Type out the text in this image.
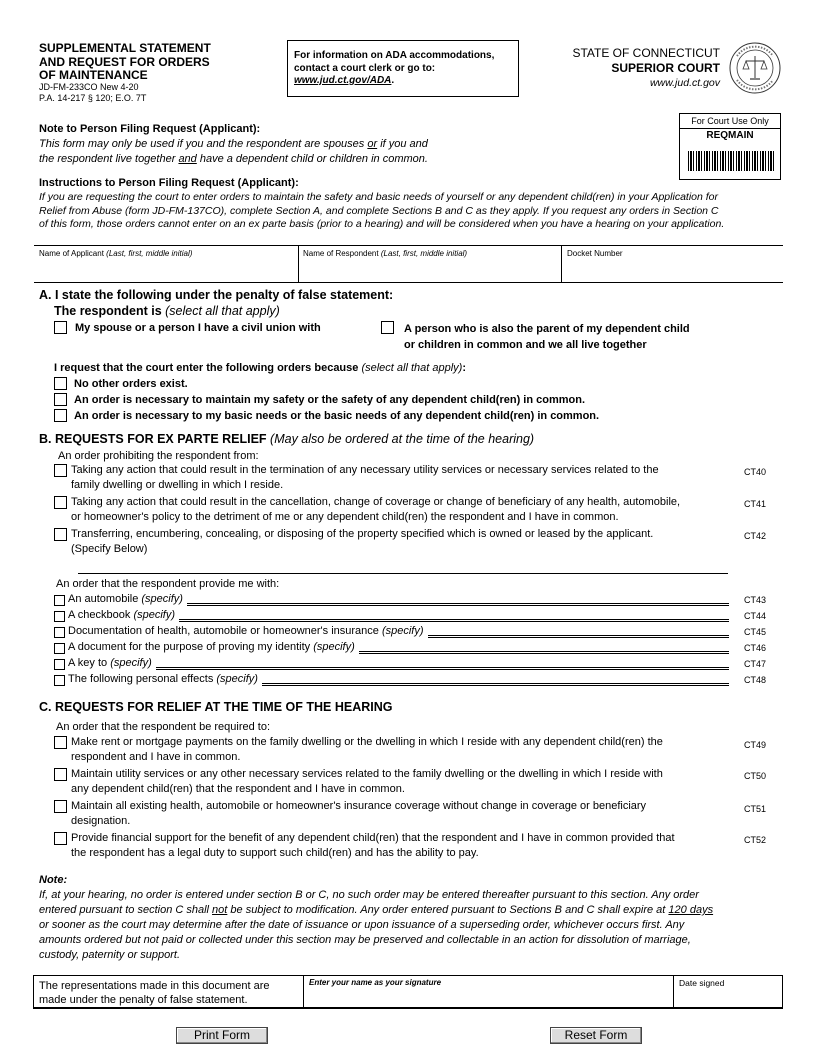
SUPPLEMENTAL STATEMENT
AND REQUEST FOR ORDERS
OF MAINTENANCE
JD-FM-233CO New 4-20
P.A. 14-217 § 120; E.O. 7T
For information on ADA accommodations,
contact a court clerk or go to:
www.jud.ct.gov/ADA.
STATE OF CONNECTICUT
SUPERIOR COURT
www.jud.ct.gov
For Court Use Only
REQMAIN
Note to Person Filing Request (Applicant):
This form may only be used if you and the respondent are spouses or if you and
the respondent live together and have a dependent child or children in common.
Instructions to Person Filing Request (Applicant):
If you are requesting the court to enter orders to maintain the safety and basic needs of yourself or any dependent child(ren) in your Application for
Relief from Abuse (form JD-FM-137CO), complete Section A, and complete Sections B and C as they apply. If you request any orders in Section C
of this form, those orders cannot enter on an ex parte basis (prior to a hearing) and will be considered when you have a hearing on your application.
Name of Applicant (Last, first, middle initial)	Name of Respondent (Last, first, middle initial)	Docket Number
A. I state the following under the penalty of false statement:
The respondent is (select all that apply)
My spouse or a person I have a civil union with	A person who is also the parent of my dependent child
or children in common and we all live together
I request that the court enter the following orders because (select all that apply):
No other orders exist.
An order is necessary to maintain my safety or the safety of any dependent child(ren) in common.
An order is necessary to my basic needs or the basic needs of any dependent child(ren) in common.
B. REQUESTS FOR EX PARTE RELIEF (May also be ordered at the time of the hearing)
An order prohibiting the respondent from:
Taking any action that could result in the termination of any necessary utility services or necessary services related to the
family dwelling or dwelling in which I reside.
CT40
Taking any action that could result in the cancellation, change of coverage or change of beneficiary of any health, automobile,
or homeowner's policy to the detriment of me or any dependent child(ren) the respondent and I have in common.
CT41
Transferring, encumbering, concealing, or disposing of the property specified which is owned or leased by the applicant.
(Specify Below)
CT42
An order that the respondent provide me with:
An automobile (specify)	CT43
A checkbook (specify)	CT44
Documentation of health, automobile or homeowner's insurance (specify)	CT45
A document for the purpose of proving my identity (specify)	CT46
A key to (specify)	CT47
The following personal effects (specify)	CT48
C. REQUESTS FOR RELIEF AT THE TIME OF THE HEARING
An order that the respondent be required to:
Make rent or mortgage payments on the family dwelling or the dwelling in which I reside with any dependent child(ren) the
respondent and I have in common.
CT49
Maintain utility services or any other necessary services related to the family dwelling or the dwelling in which I reside with
any dependent child(ren) that the respondent and I have in common.
CT50
Maintain all existing health, automobile or homeowner's insurance coverage without change in coverage or beneficiary
designation.
CT51
Provide financial support for the benefit of any dependent child(ren) that the respondent and I have in common provided that
the respondent has a legal duty to support such child(ren) and has the ability to pay.
CT52
Note:
If, at your hearing, no order is entered under section B or C, no such order may be entered thereafter pursuant to this section. Any order
entered pursuant to section C shall not be subject to modification. Any order entered pursuant to Sections B and C shall expire at 120 days
or sooner as the court may determine after the date of issuance or upon issuance of a superseding order, whichever occurs first. Any
amounts ordered but not paid or collected under this section may be preserved and collectable in an action for dissolution of marriage,
custody, paternity or support.
The representations made in this document are
made under the penalty of false statement.
Enter your name as your signature	Date signed
Print Form	Reset Form
